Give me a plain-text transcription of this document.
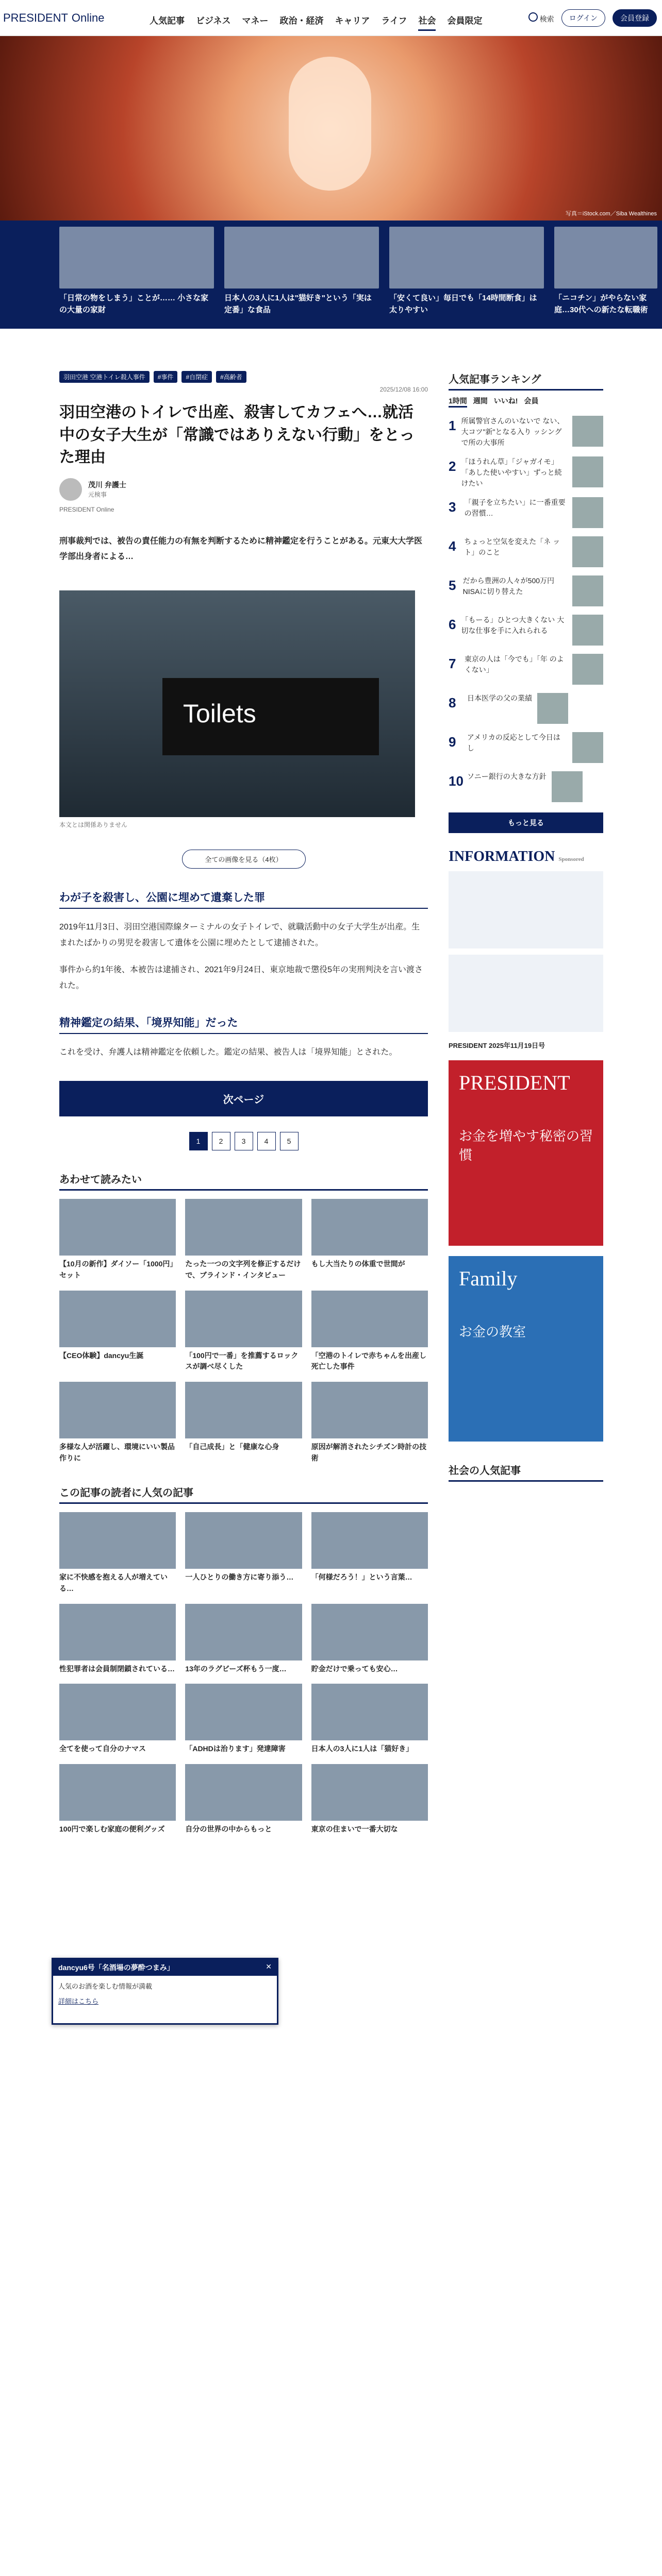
PRESIDENT Online	人気記事 ビジネス マネー 政治・経済 キャリア ライフ 社会 会員限定	検索	ログイン	会員登録
写真＝iStock.com／Siba Wealthines
「日常の物をしまう」ことが…… 小さな家の大量の家財
日本人の3人に1人は"猫好き"という「実は定番」な食品
「安くて良い」毎日でも「14時間断食」は太りやすい
「ニコチン」がやらない家庭…30代への新たな転職術
羽田空港 空港トイレ殺人事件	#事件	#自閉症	#高齢者
2025/12/08 16:00
羽田空港のトイレで出産、殺害してカフェへ…就活中の女子大生が「常識ではありえない行動」をとった理由
茂川 弁護士
元検事
PRESIDENT Online

刑事裁判では、被告の責任能力の有無を判断するために精神鑑定を行うことがある。元東大大学医学部出身者による…

Toilets
本文とは関係ありません
全ての画像を見る（4枚）
わが子を殺害し、公園に埋めて遺棄した罪

2019年11月3日、羽田空港国際線ターミナルの女子トイレで、就職活動中の女子大学生が出産。生まれたばかりの男児を殺害して遺体を公園に埋めたとして逮捕された。

事件から約1年後、本被告は逮捕され、2021年9月24日、東京地裁で懲役5年の実刑判決を言い渡された。

精神鑑定の結果、「境界知能」だった

これを受け、弁護人は精神鑑定を依頼した。鑑定の結果、被告人は「境界知能」とされた。

次ページ
1	2	3	4	5
あわせて読みたい
【10月の新作】ダイソー「1000円」セット
たった一つの文字列を修正するだけで、ブラインド・インタビュー
もし大当たりの体重で世間が
【CEO体験】dancyu生誕	「100円で一番」を推薦するロックスが調べ尽くした
「空港のトイレで赤ちゃんを出産し死亡した事件
多様な人が活躍し、環境にいい製品作りに
「自己成長」と「健康な心身	原因が解消されたシチズン時計の技術
この記事の読者に人気の記事
家に不快感を抱える人が増えている…
一人ひとりの働き方に寄り添う…	「何様だろう！」という言葉…
性犯罪者は会員制閉鎖されている… 13年のラグビーズ杯もう一度…	貯金だけで乗っても安心…
全てを使って自分のナマス	「ADHDは治ります」発達障害	日本人の3人に1人は「猫好き」
100円で楽しむ家庭の便利グッズ	自分の世界の中からもっと	東京の住まいで一番大切な
人気記事ランキング
1時間 週間 いいね! 会員
1 所属警官さんのいないで ない、大コツ"新"となる入り ッシングで所の大事所
2 「ほうれん草」「ジャガイモ」 「あした使いやすい」ずっと続けたい
3	「親子を立ちたい」に一番重要の習慣…
4	ちょっと空気を変えた「ネ ット」のこと
5 だから豊洲の人々が500万円 NISAに切り替えた
6 「もーる」ひとつ大きくない 大切な仕事を手に入れられる
7	東京の人は「今でも」「年 のよくない」
8	日本医学の父の業績
9	アメリカの反応として今日はし
10 ソニー銀行の大きな方針
もっと見る
INFORMATION Sponsored
PRESIDENT 2025年11月19日号
PRESIDENT
お金を増やす秘密の習慣
Family
お金の教室
社会の人気記事
dancyu6号「名酒場の夢酔つまみ」	✕
人気のお酒を楽しむ情報が満載
詳細はこちら
